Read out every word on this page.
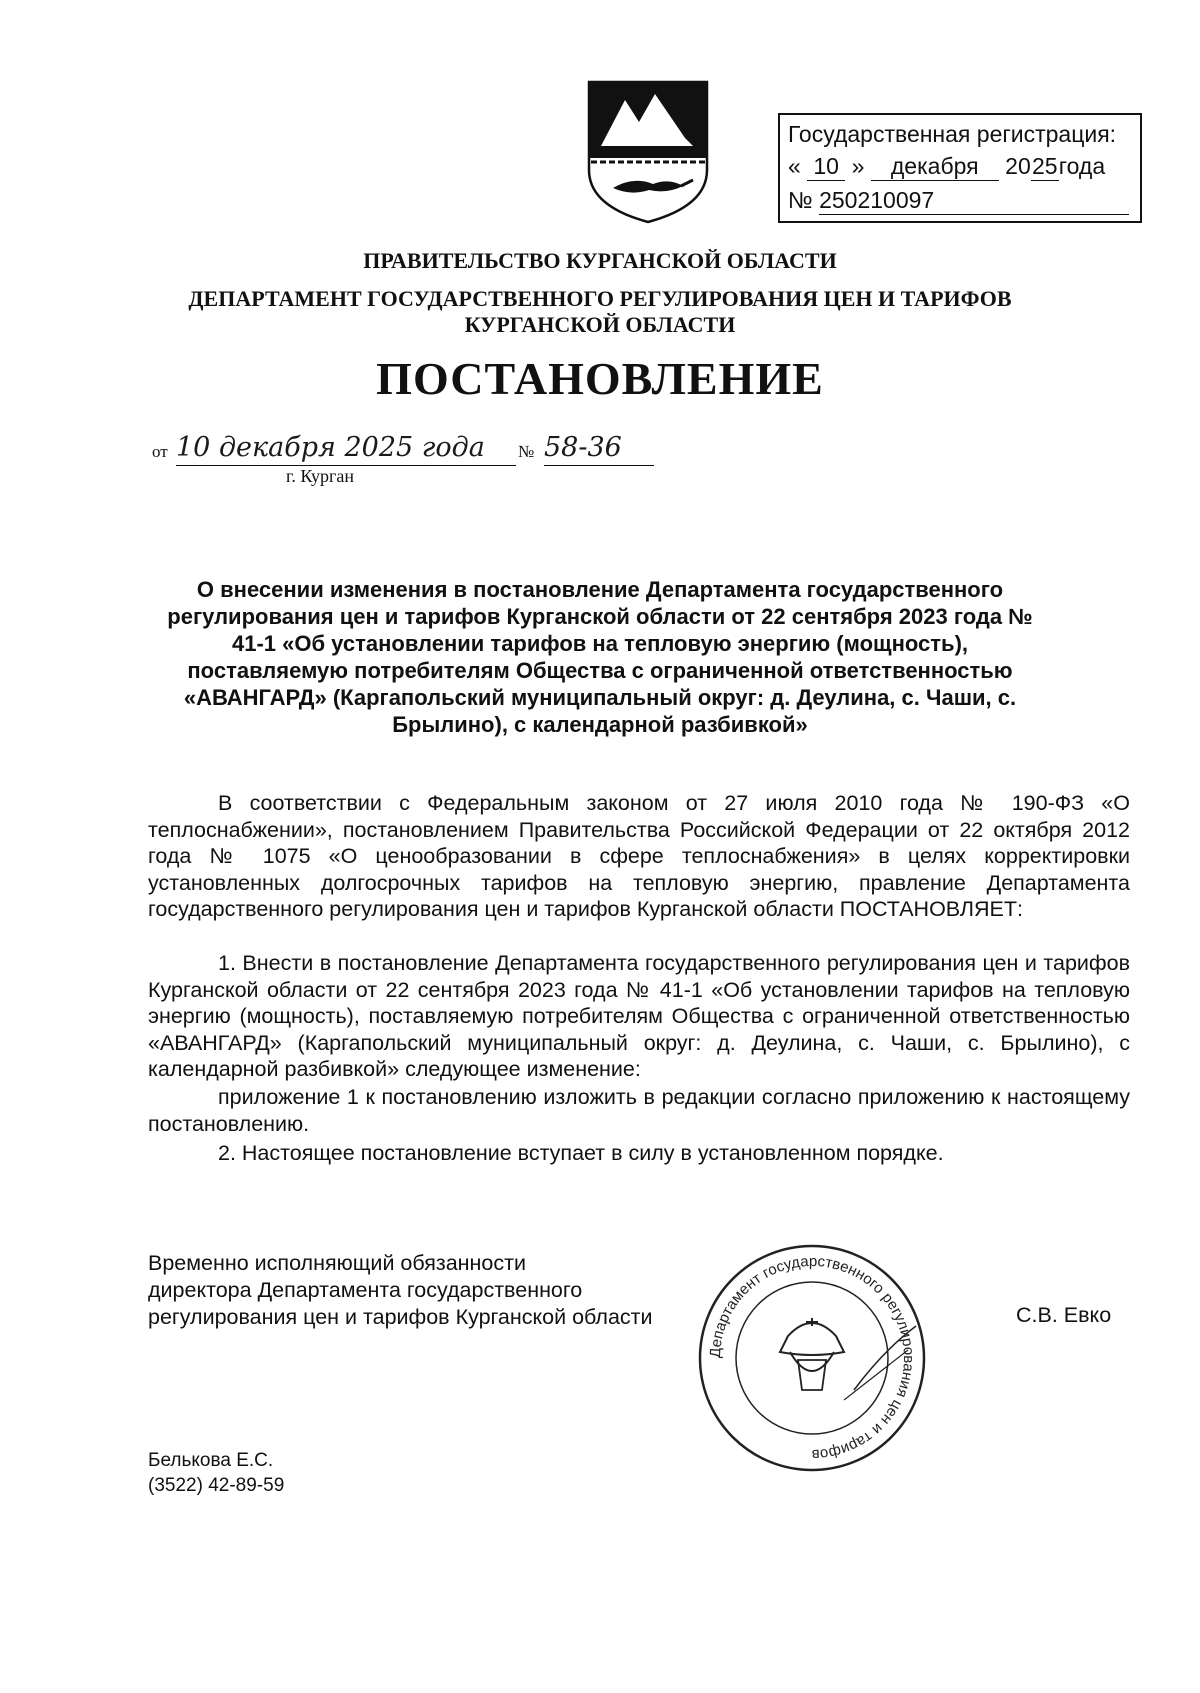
Государственная регистрация:
« 10 » декабря 2025года
№ 250210097
ПРАВИТЕЛЬСТВО КУРГАНСКОЙ ОБЛАСТИ
ДЕПАРТАМЕНТ ГОСУДАРСТВЕННОГО РЕГУЛИРОВАНИЯ ЦЕН И ТАРИФОВ
КУРГАНСКОЙ ОБЛАСТИ
ПОСТАНОВЛЕНИЕ
от 10 декабря 2025 года	№ 58-36
г. Курган
О внесении изменения в постановление Департамента государственного регулирования цен и тарифов Курганской области от 22 сентября 2023 года № 41-1 «Об установлении тарифов на тепловую энергию (мощность), поставляемую потребителям Общества с ограниченной ответственностью «АВАНГАРД» (Каргапольский муниципальный округ: д. Деулина, с. Чаши, с. Брылино), с календарной разбивкой»
В соответствии с Федеральным законом от 27 июля 2010 года № 190-ФЗ «О теплоснабжении», постановлением Правительства Российской Федерации от 22 октября 2012 года № 1075 «О ценообразовании в сфере теплоснабжения» в целях корректировки установленных долгосрочных тарифов на тепловую энергию, правление Департамента государственного регулирования цен и тарифов Курганской области ПОСТАНОВЛЯЕТ:
1. Внести в постановление Департамента государственного регулирования цен и тарифов Курганской области от 22 сентября 2023 года № 41-1 «Об установлении тарифов на тепловую энергию (мощность), поставляемую потребителям Общества с ограниченной ответственностью «АВАНГАРД» (Каргапольский муниципальный округ: д. Деулина, с. Чаши, с. Брылино), с календарной разбивкой» следующее изменение:
приложение 1 к постановлению изложить в редакции согласно приложению к настоящему постановлению.
2. Настоящее постановление вступает в силу в установленном порядке.
Временно исполняющий обязанности
директора Департамента государственного
регулирования цен и тарифов Курганской области	С.В. Евко
Департамент государственного регулирования цен и тарифов
Белькова Е.С.
(3522) 42-89-59
